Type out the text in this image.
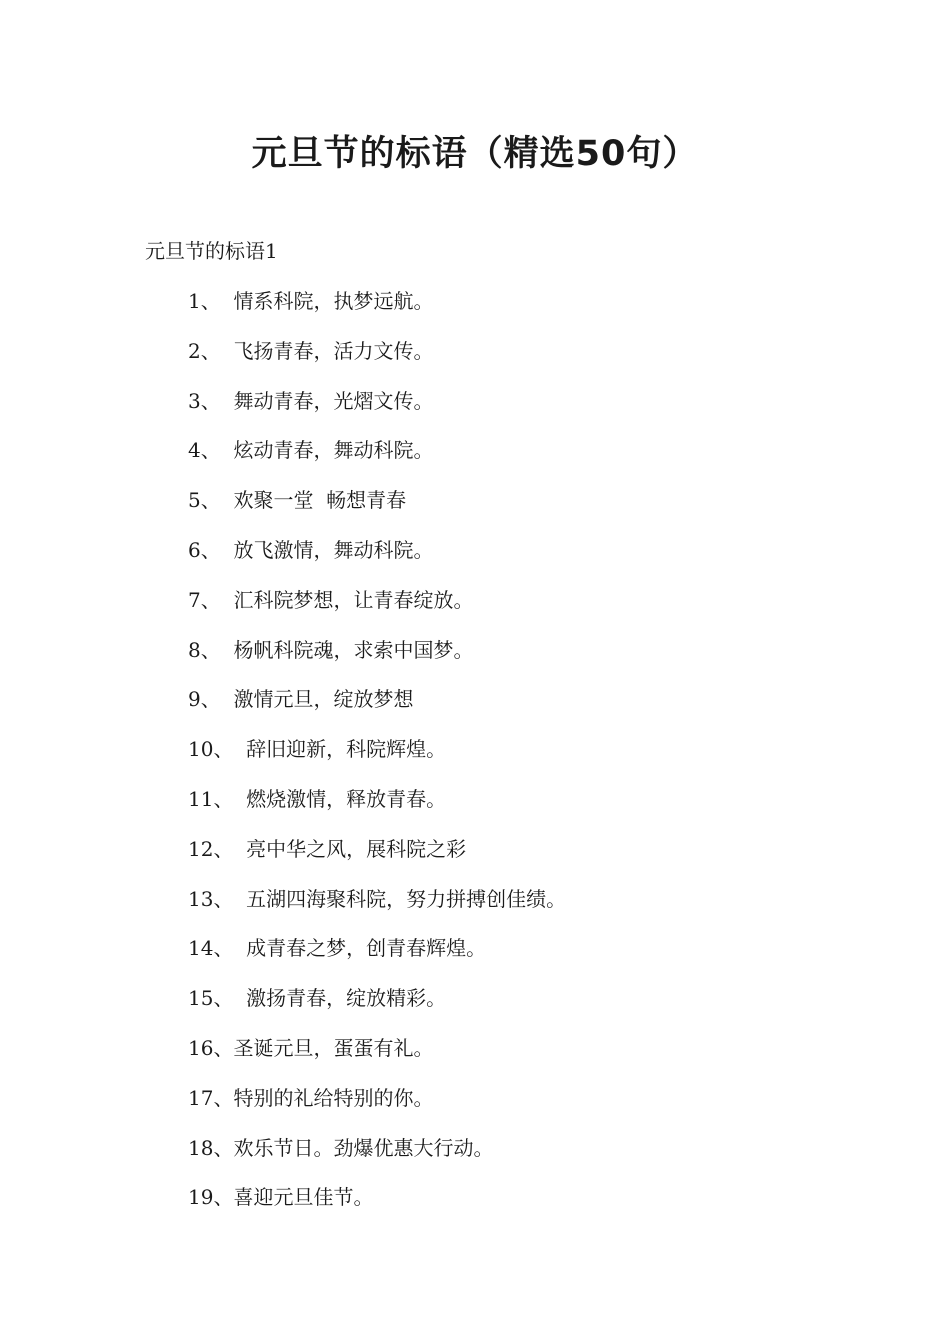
元旦节的标语（精选50句）
元旦节的标语1
1、  情系科院，执梦远航。
2、  飞扬青春，活力文传。
3、  舞动青春，光熠文传。
4、  炫动青春，舞动科院。
5、  欢聚一堂  畅想青春
6、  放飞激情，舞动科院。
7、  汇科院梦想，让青春绽放。
8、  杨帆科院魂，求索中国梦。
9、  激情元旦，绽放梦想
10、  辞旧迎新，科院辉煌。
11、  燃烧激情，释放青春。
12、  亮中华之风，展科院之彩
13、  五湖四海聚科院，努力拼搏创佳绩。
14、  成青春之梦，创青春辉煌。
15、  激扬青春，绽放精彩。
16、圣诞元旦，蛋蛋有礼。
17、特别的礼给特别的你。
18、欢乐节日。劲爆优惠大行动。
19、喜迎元旦佳节。
